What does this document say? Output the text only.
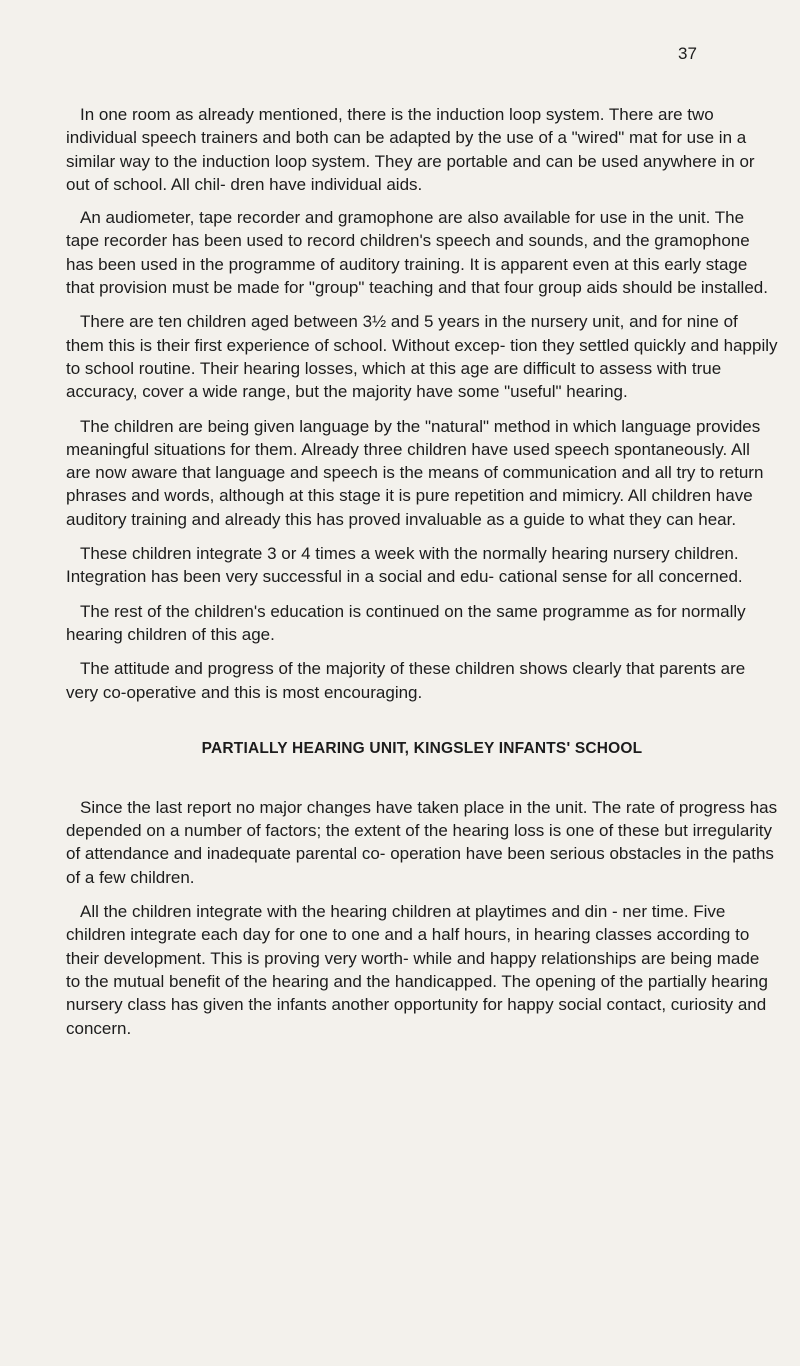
37

In one room as already mentioned, there is the induction loop system. There are two individual speech trainers and both can be adapted by the use of a "wired" mat for use in a similar way to the induction loop system. They are portable and can be used anywhere in or out of school. All chil- dren have individual aids.

An audiometer, tape recorder and gramophone are also available for use in the unit. The tape recorder has been used to record children's speech and sounds, and the gramophone has been used in the programme of auditory training. It is apparent even at this early stage that provision must be made for "group" teaching and that four group aids should be installed.

There are ten children aged between 3½ and 5 years in the nursery unit, and for nine of them this is their first experience of school. Without excep- tion they settled quickly and happily to school routine. Their hearing losses, which at this age are difficult to assess with true accuracy, cover a wide range, but the majority have some "useful" hearing.

The children are being given language by the "natural" method in which language provides meaningful situations for them. Already three children have used speech spontaneously. All are now aware that language and speech is the means of communication and all try to return phrases and words, although at this stage it is pure repetition and mimicry. All children have auditory training and already this has proved invaluable as a guide to what they can hear.

These children integrate 3 or 4 times a week with the normally hearing nursery children. Integration has been very successful in a social and edu- cational sense for all concerned.

The rest of the children's education is continued on the same programme as for normally hearing children of this age.

The attitude and progress of the majority of these children shows clearly that parents are very co-operative and this is most encouraging.

PARTIALLY HEARING UNIT, KINGSLEY INFANTS' SCHOOL

Since the last report no major changes have taken place in the unit. The rate of progress has depended on a number of factors; the extent of the hearing loss is one of these but irregularity of attendance and inadequate parental co- operation have been serious obstacles in the paths of a few children.

All the children integrate with the hearing children at playtimes and din - ner time. Five children integrate each day for one to one and a half hours, in hearing classes according to their development. This is proving very worth- while and happy relationships are being made to the mutual benefit of the hearing and the handicapped. The opening of the partially hearing nursery class has given the infants another opportunity for happy social contact, curiosity and concern.
